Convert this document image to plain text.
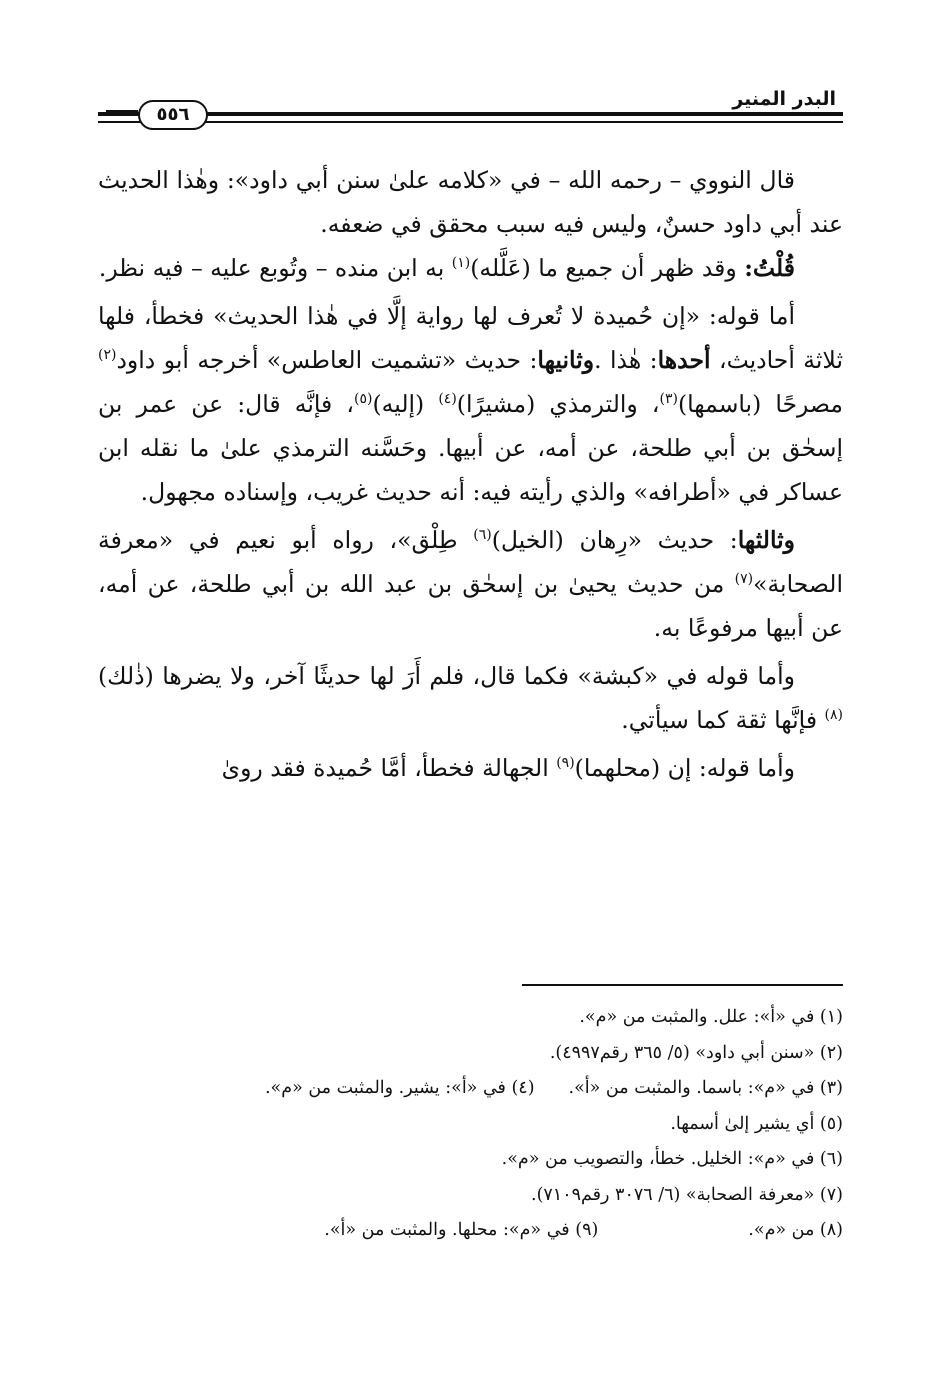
البدر المنير
٥٥٦

قال النووي – رحمه الله – في «كلامه علىٰ سنن أبي داود»: وهٰذا الحديث عند أبي داود حسنٌ، وليس فيه سبب محقق في ضعفه.

قُلْتُ: وقد ظهر أن جميع ما (عَلَّله)$^{(١)}$ به ابن منده – وتُوبع عليه – فيه نظر.

أما قوله: «إن حُميدة لا تُعرف لها رواية إلَّا في هٰذا الحديث» فخطأ، فلها ثلاثة أحاديث، أحدها: هٰذا .وثانيها: حديث «تشميت العاطس» أخرجه أبو داود$^{(٢)}$ مصرحًا (باسمها)$^{(٣)}$، والترمذي (مشيرًا)$^{(٤)}$ (إليه)$^{(٥)}$، فإنَّه قال: عن عمر بن إسحٰق بن أبي طلحة، عن أمه، عن أبيها. وحَسَّنه الترمذي علىٰ ما نقله ابن عساكر في «أطرافه» والذي رأيته فيه: أنه حديث غريب، وإسناده مجهول.

وثالثها: حديث «رِهان (الخيل)$^{(٦)}$ طِلْق»، رواه أبو نعيم في «معرفة الصحابة»$^{(٧)}$ من حديث يحيىٰ بن إسحٰق بن عبد الله بن أبي طلحة، عن أمه، عن أبيها مرفوعًا به.

وأما قوله في «كبشة» فكما قال، فلم أَرَ لها حديثًا آخر، ولا يضرها (ذٰلك)$^{(٨)}$ فإنَّها ثقة كما سيأتي.

وأما قوله: إن (محلهما)$^{(٩)}$ الجهالة فخطأ، أمَّا حُميدة فقد روىٰ

(١) في «أ»: علل. والمثبت من «م».
(٢) «سنن أبي داود» (٥/ ٣٦٥ رقم٤٩٩٧).
(٣) في «م»: باسما. والمثبت من «أ».(٤) في «أ»: يشير. والمثبت من «م».
(٥) أي يشير إلىٰ أسمها.
(٦) في «م»: الخليل. خطأ، والتصويب من «م».
(٧) «معرفة الصحابة» (٦/ ٣٠٧٦ رقم٧١٠٩).
(٨) من «م».(٩) في «م»: محلها. والمثبت من «أ».
